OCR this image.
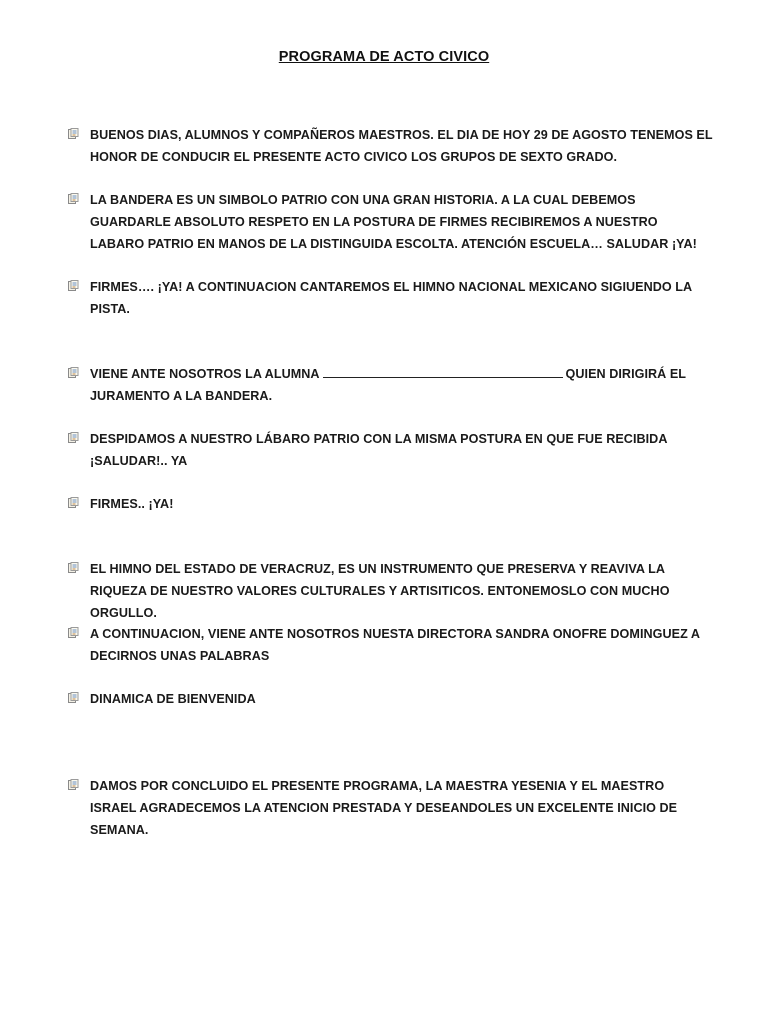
PROGRAMA DE ACTO CIVICO
BUENOS DIAS, ALUMNOS Y COMPAÑEROS MAESTROS. EL DIA DE HOY 29 DE AGOSTO TENEMOS EL HONOR DE CONDUCIR EL PRESENTE ACTO CIVICO LOS GRUPOS DE SEXTO GRADO.
LA BANDERA ES UN SIMBOLO PATRIO CON UNA GRAN HISTORIA. A LA CUAL DEBEMOS GUARDARLE ABSOLUTO RESPETO EN LA POSTURA DE FIRMES RECIBIREMOS A NUESTRO LABARO PATRIO EN MANOS DE LA DISTINGUIDA ESCOLTA. ATENCIÓN ESCUELA… SALUDAR ¡YA!
FIRMES…. ¡YA! A CONTINUACION CANTAREMOS EL HIMNO NACIONAL MEXICANO SIGIUENDO LA PISTA.
VIENE ANTE NOSOTROS LA ALUMNA	QUIEN DIRIGIRÁ EL JURAMENTO A LA BANDERA.
DESPIDAMOS A NUESTRO LÁBARO PATRIO CON LA MISMA POSTURA EN QUE FUE RECIBIDA ¡SALUDAR!.. YA
FIRMES.. ¡YA!
EL HIMNO DEL ESTADO DE VERACRUZ, ES UN INSTRUMENTO QUE PRESERVA Y REAVIVA LA RIQUEZA DE NUESTRO VALORES CULTURALES Y ARTISITICOS. ENTONEMOSLO CON MUCHO ORGULLO.
A CONTINUACION, VIENE ANTE NOSOTROS NUESTA DIRECTORA SANDRA ONOFRE DOMINGUEZ A DECIRNOS UNAS PALABRAS
DINAMICA DE BIENVENIDA
DAMOS POR CONCLUIDO EL PRESENTE PROGRAMA, LA MAESTRA YESENIA Y EL MAESTRO ISRAEL AGRADECEMOS LA ATENCION PRESTADA Y DESEANDOLES UN EXCELENTE INICIO DE SEMANA.
